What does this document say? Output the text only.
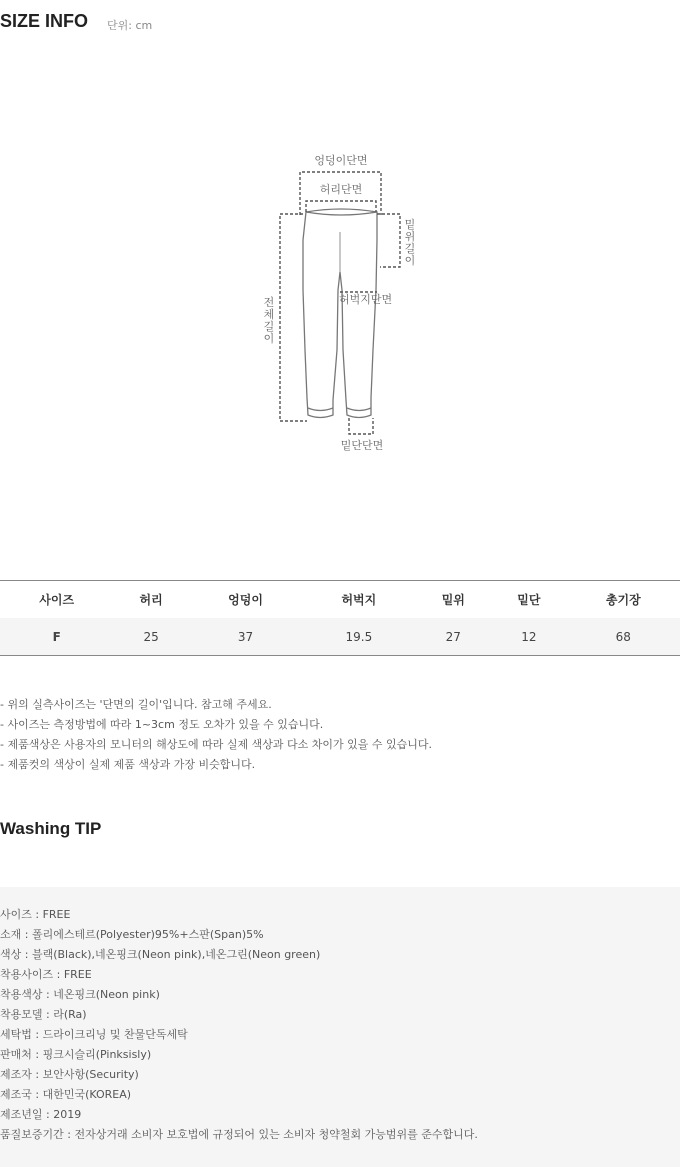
SIZE INFO 단위: cm
엉덩이단면
허리단면
허벅지단면
밑단단면
밑
위
길
이
전
체
길
이
사이즈	허리	엉덩이	허벅지	밑위	밑단	총기장
F	25	37	19.5	27	12	68
- 위의 실측사이즈는 '단면의 길이'입니다. 참고해 주세요.
- 사이즈는 측정방법에 따라 1~3cm 정도 오차가 있을 수 있습니다.
- 제품색상은 사용자의 모니터의 해상도에 따라 실제 색상과 다소 차이가 있을 수 있습니다.
- 제품컷의 색상이 실제 제품 색상과 가장 비슷합니다.
Washing TIP
사이즈 : FREE
소재 : 폴리에스테르(Polyester)95%+스판(Span)5%
색상 : 블랙(Black),네온핑크(Neon pink),네온그린(Neon green)
착용사이즈 : FREE
착용색상 : 네온핑크(Neon pink)
착용모델 : 라(Ra)
세탁법 : 드라이크리닝 및 찬물단독세탁
판매처 : 핑크시슬리(Pinksisly)
제조자 : 보안사항(Security)
제조국 : 대한민국(KOREA)
제조년일 : 2019
품질보증기간 : 전자상거래 소비자 보호법에 규정되어 있는 소비자 청약철회 가능범위를 준수합니다.
